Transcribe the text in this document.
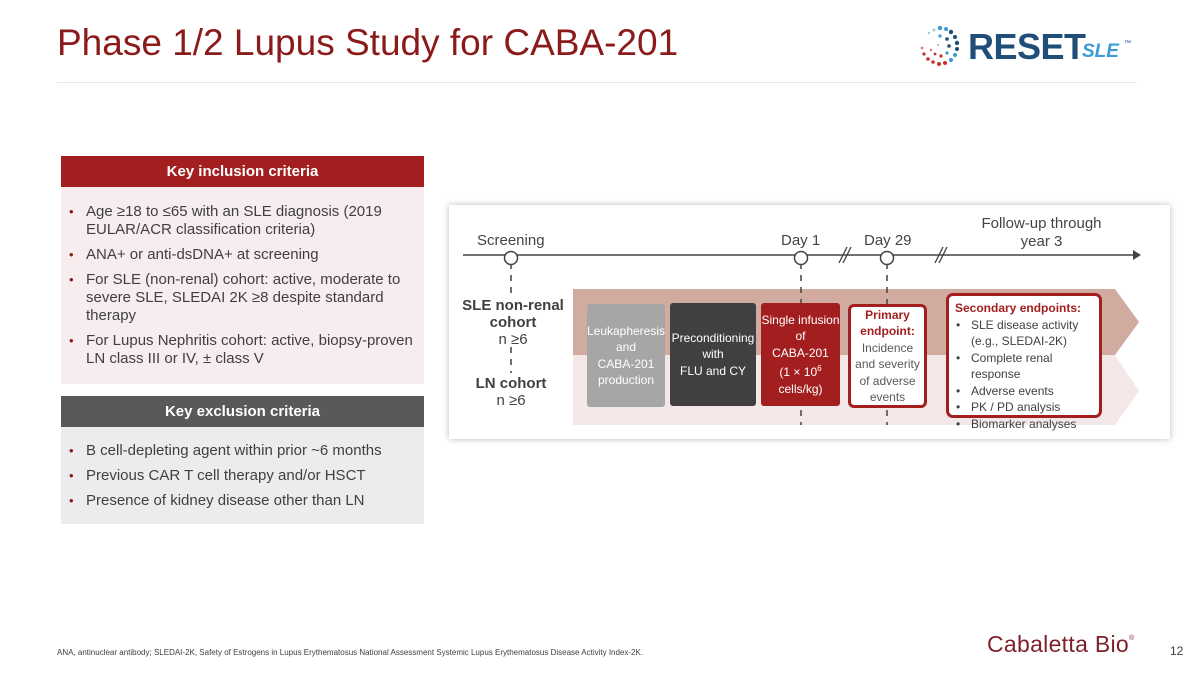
Phase 1/2 Lupus Study for CABA-201	RESET
SLE ™
Key inclusion criteria
• Age ≥18 to ≤65 with an SLE diagnosis (2019 EULAR/ACR classification criteria)
• ANA+ or anti-dsDNA+ at screening
• For SLE (non-renal) cohort: active, moderate to severe SLE, SLEDAI 2K ≥8 despite standard therapy
• For Lupus Nephritis cohort: active, biopsy-proven LN class III or IV, ± class V
Key exclusion criteria
• B cell-depleting agent within prior ~6 months
• Previous CAR T cell therapy and/or HSCT
• Presence of kidney disease other than LN
Screening	Day 1	Day 29
Follow-up through year 3
SLE non-renal cohort
n ≥6
LN cohort
n ≥6
Leukapheresis
and
CABA-201
production
Preconditioning
with
FLU and CY
Single infusion
of
CABA-201
($1 \times 10^6$
cells/kg)
Primary
endpoint:
Incidence
and severity
of adverse
events
Secondary endpoints:
• SLE disease activity (e.g., SLEDAI-2K)
• Complete renal response
• Adverse events
• PK / PD analysis
• Biomarker analyses
ANA, antinuclear antibody; SLEDAI-2K, Safety of Estrogens in Lupus Erythematosus National Assessment Systemic Lupus Erythematosus Disease Activity Index-2K.	Cabaletta Bio®
12
